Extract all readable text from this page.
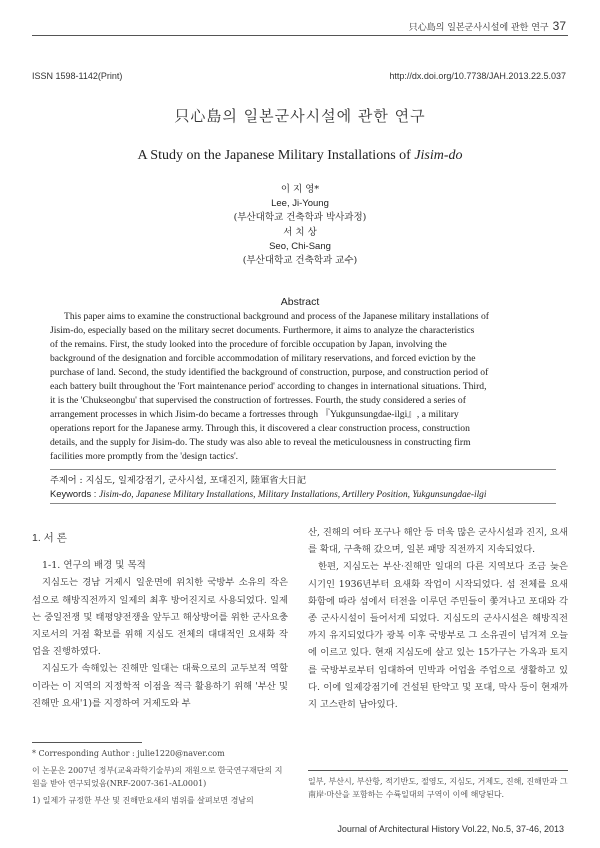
只心島의 일본군사시설에 관한 연구 37
ISSN 1598-1142(Print)	http://dx.doi.org/10.7738/JAH.2013.22.5.037
只心島의 일본군사시설에 관한 연구
A Study on the Japanese Military Installations of Jisim-do
이 지 영*
Lee, Ji-Young
(부산대학교 건축학과 박사과정)
서 치 상
Seo, Chi-Sang
(부산대학교 건축학과 교수)
Abstract
This paper aims to examine the constructional background and process of the Japanese military installations of
Jisim-do, especially based on the military secret documents. Furthermore, it aims to analyze the characteristics
of the remains. First, the study looked into the procedure of forcible occupation by Japan, involving the
background of the designation and forcible accommodation of military reservations, and forced eviction by the
purchase of land. Second, the study identified the background of construction, purpose, and construction period of
each battery built throughout the 'Fort maintenance period' according to changes in international situations. Third,
it is the 'Chukseongbu' that supervised the construction of fortresses. Fourth, the study considered a series of
arrangement processes in which Jisim-do became a fortresses through 『Yukgunsungdae-ilgi』, a military
operations report for the Japanese army. Through this, it discovered a clear construction process, construction
details, and the supply for Jisim-do. The study was also able to reveal the meticulousness in constructing firm
facilities more promptly from the 'design tactics'.
주제어 : 지심도, 일제강점기, 군사시설, 포대진지, 陸軍省大日記
Keywords : Jisim-do, Japanese Military Installations, Military Installations, Artillery Position, Yukgunsungdae-ilgi
1. 서 론
1-1. 연구의 배경 및 목적

지심도는 경남 거제시 일운면에 위치한 국방부 소유의 작은 섬으로 해방직전까지 일제의 최후 방어진지로 사용되었다. 일제는 중일전쟁 및 태평양전쟁을 앞두고 해상방어를 위한 군사요충지로서의 거점 확보를 위해 지심도 전체의 대대적인 요새화 작업을 진행하였다.

지심도가 속해있는 진해만 일대는 대륙으로의 교두보적 역할이라는 이 지역의 지정학적 이점을 적극 활용하기 위해 '부산 및 진해만 요새'1)를 지정하여 거제도와 부

* Corresponding Author : julie1220@naver.com

이 논문은 2007년 정부(교육과학기술부)의 재원으로 한국연구재단의 지원을 받아 연구되었음(NRF-2007-361-AL0001)

1) 일제가 규정한 부산 및 진해만요새의 범위를 살펴보면 경남의

산, 진해의 여타 포구나 해안 등 더욱 많은 군사시설과 진지, 요새를 확대, 구축해 갔으며, 일본 패망 직전까지 지속되었다.

한편, 지심도는 부산·진해만 일대의 다른 지역보다 조금 늦은 시기인 1936년부터 요새화 작업이 시작되었다. 섬 전체를 요새화함에 따라 섬에서 터전을 이루던 주민들이 쫓겨나고 포대와 각종 군사시설이 들어서게 되었다. 지심도의 군사시설은 해방직전까지 유지되었다가 광복 이후 국방부로 그 소유권이 넘겨져 오늘에 이르고 있다. 현재 지심도에 살고 있는 15가구는 가옥과 토지를 국방부로부터 임대하여 민박과 어업을 주업으로 생활하고 있다. 이에 일제강점기에 건설된 탄약고 및 포대, 막사 등이 현재까지 고스란히 남아있다.

일부, 부산시, 부산항, 적기반도, 절영도, 지심도, 거제도, 진해, 진해만과 그 南岸·마산을 포함하는 수륙일대의 구역이 이에 해당된다.

Journal of Architectural History Vol.22, No.5, 37-46, 2013
